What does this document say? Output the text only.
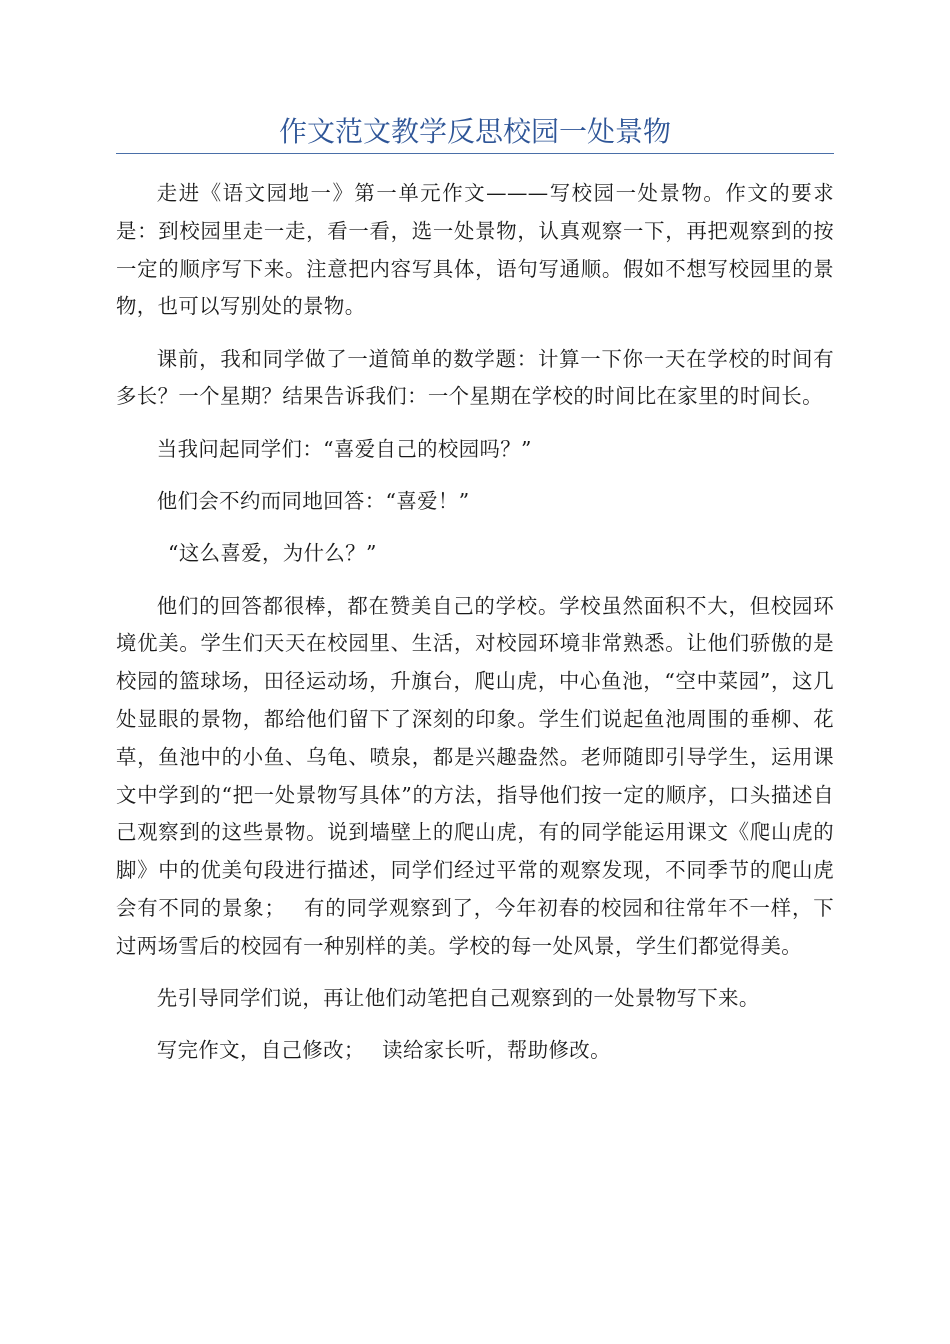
作文范文教学反思校园一处景物

走进《语文园地一》第一单元作文———写校园一处景物。作文的要求是：到校园里走一走，看一看，选一处景物，认真观察一下，再把观察到的按一定的顺序写下来。注意把内容写具体，语句写通顺。假如不想写校园里的景物，也可以写别处的景物。

课前，我和同学做了一道简单的数学题：计算一下你一天在学校的时间有多长？一个星期？结果告诉我们：一个星期在学校的时间比在家里的时间长。

当我问起同学们：“喜爱自己的校园吗？”

他们会不约而同地回答：“喜爱！”

“这么喜爱，为什么？”

他们的回答都很棒，都在赞美自己的学校。学校虽然面积不大，但校园环境优美。学生们天天在校园里、生活，对校园环境非常熟悉。让他们骄傲的是校园的篮球场，田径运动场，升旗台，爬山虎，中心鱼池，“空中菜园”，这几处显眼的景物，都给他们留下了深刻的印象。学生们说起鱼池周围的垂柳、花草，鱼池中的小鱼、乌龟、喷泉，都是兴趣盎然。老师随即引导学生，运用课文中学到的“把一处景物写具体”的方法，指导他们按一定的顺序，口头描述自己观察到的这些景物。说到墙壁上的爬山虎，有的同学能运用课文《爬山虎的脚》中的优美句段进行描述，同学们经过平常的观察发现，不同季节的爬山虎会有不同的景象；　 有的同学观察到了，今年初春的校园和往常年不一样，下过两场雪后的校园有一种别样的美。学校的每一处风景，学生们都觉得美。

先引导同学们说，再让他们动笔把自己观察到的一处景物写下来。

写完作文，自己修改；　 读给家长听，帮助修改。
